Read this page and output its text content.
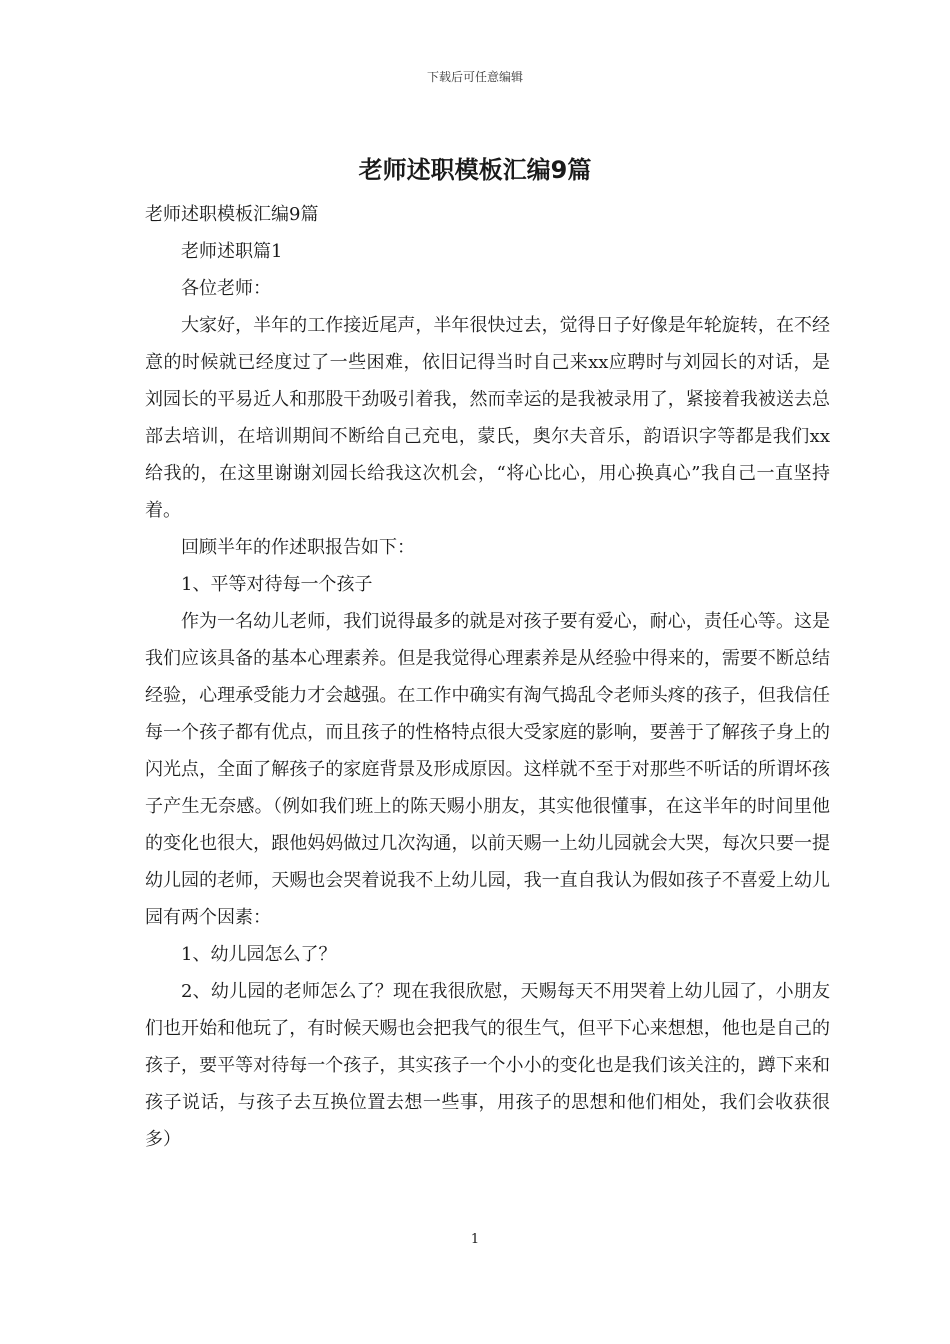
下载后可任意编辑
老师述职模板汇编9篇

老师述职模板汇编9篇

老师述职篇1

各位老师：

大家好，半年的工作接近尾声，半年很快过去，觉得日子好像是年轮旋转，在不经意的时候就已经度过了一些困难，依旧记得当时自己来xx应聘时与刘园长的对话，是刘园长的平易近人和那股干劲吸引着我，然而幸运的是我被录用了，紧接着我被送去总部去培训，在培训期间不断给自己充电，蒙氏，奥尔夫音乐，韵语识字等都是我们xx给我的，在这里谢谢刘园长给我这次机会，“将心比心，用心换真心”我自己一直坚持着。

回顾半年的作述职报告如下：

1、平等对待每一个孩子

作为一名幼儿老师，我们说得最多的就是对孩子要有爱心，耐心，责任心等。这是我们应该具备的基本心理素养。但是我觉得心理素养是从经验中得来的，需要不断总结经验，心理承受能力才会越强。在工作中确实有淘气捣乱令老师头疼的孩子，但我信任每一个孩子都有优点，而且孩子的性格特点很大受家庭的影响，要善于了解孩子身上的闪光点，全面了解孩子的家庭背景及形成原因。这样就不至于对那些不听话的所谓坏孩子产生无奈感。（例如我们班上的陈天赐小朋友，其实他很懂事，在这半年的时间里他的变化也很大，跟他妈妈做过几次沟通，以前天赐一上幼儿园就会大哭，每次只要一提幼儿园的老师，天赐也会哭着说我不上幼儿园，我一直自我认为假如孩子不喜爱上幼儿园有两个因素：

1、幼儿园怎么了？

2、幼儿园的老师怎么了？现在我很欣慰，天赐每天不用哭着上幼儿园了，小朋友们也开始和他玩了，有时候天赐也会把我气的很生气，但平下心来想想，他也是自己的孩子，要平等对待每一个孩子，其实孩子一个小小的变化也是我们该关注的，蹲下来和孩子说话，与孩子去互换位置去想一些事，用孩子的思想和他们相处，我们会收获很多）

1
